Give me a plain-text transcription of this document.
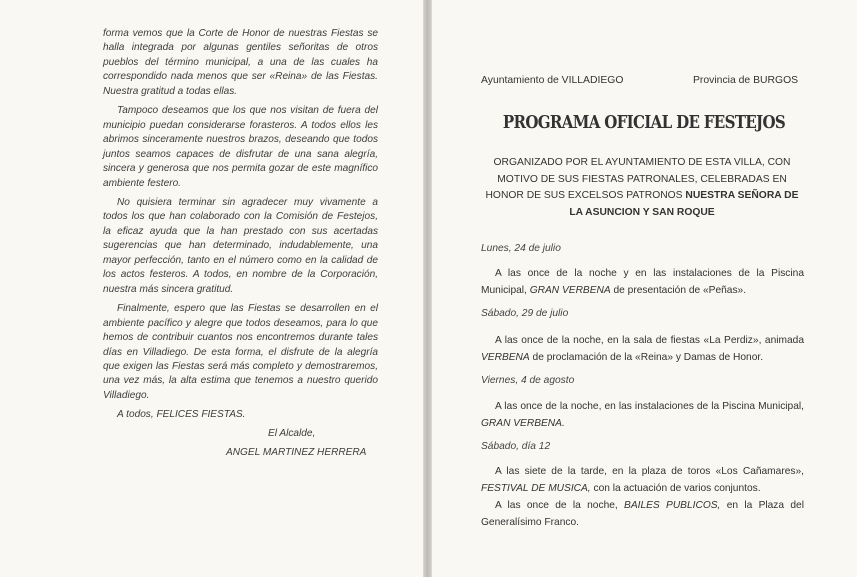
forma vemos que la Corte de Honor de nuestras Fiestas se halla integrada por algunas gentiles señoritas de otros pueblos del término municipal, a una de las cuales ha correspondido nada menos que ser «Reina» de las Fiestas. Nuestra gratitud a todas ellas.

Tampoco deseamos que los que nos visitan de fuera del municipio puedan considerarse forasteros. A todos ellos les abrimos sinceramente nuestros brazos, deseando que todos juntos seamos capaces de disfrutar de una sana alegría, sincera y generosa que nos permita gozar de este magnífico ambiente festero.

No quisiera terminar sin agradecer muy vivamente a todos los que han colaborado con la Comisión de Festejos, la eficaz ayuda que la han prestado con sus acertadas sugerencias que han determinado, indudablemente, una mayor perfección, tanto en el número como en la calidad de los actos festeros. A todos, en nombre de la Corporación, nuestra más sincera gratitud.

Finalmente, espero que las Fiestas se desarrollen en el ambiente pacífico y alegre que todos deseamos, para lo que hemos de contribuir cuantos nos encontremos durante tales días en Villadiego. De esta forma, el disfrute de la alegría que exigen las Fiestas será más completo y demostraremos, una vez más, la alta estima que tenemos a nuestro querido Villadiego.

A todos, FELICES FIESTAS.

El Alcalde,
ANGEL MARTINEZ HERRERA
Ayuntamiento de VILLADIEGO	Provincia de BURGOS
PROGRAMA OFICIAL DE FESTEJOS
ORGANIZADO POR EL AYUNTAMIENTO DE ESTA VILLA, CON MOTIVO DE SUS FIESTAS PATRONALES, CELEBRADAS EN HONOR DE SUS EXCELSOS PATRONOS NUESTRA SEÑORA DE LA ASUNCION Y SAN ROQUE
Lunes, 24 de julio
A las once de la noche y en las instalaciones de la Piscina Municipal, GRAN VERBENA de presentación de «Peñas».
Sábado, 29 de julio
A las once de la noche, en la sala de fiestas «La Perdiz», animada VERBENA de proclamación de la «Reina» y Damas de Honor.
Viernes, 4 de agosto
A las once de la noche, en las instalaciones de la Piscina Municipal, GRAN VERBENA.
Sábado, día 12
A las siete de la tarde, en la plaza de toros «Los Cañamares», FESTIVAL DE MUSICA, con la actuación de varios conjuntos.
A las once de la noche, BAILES PUBLICOS, en la Plaza del Generalísimo Franco.
